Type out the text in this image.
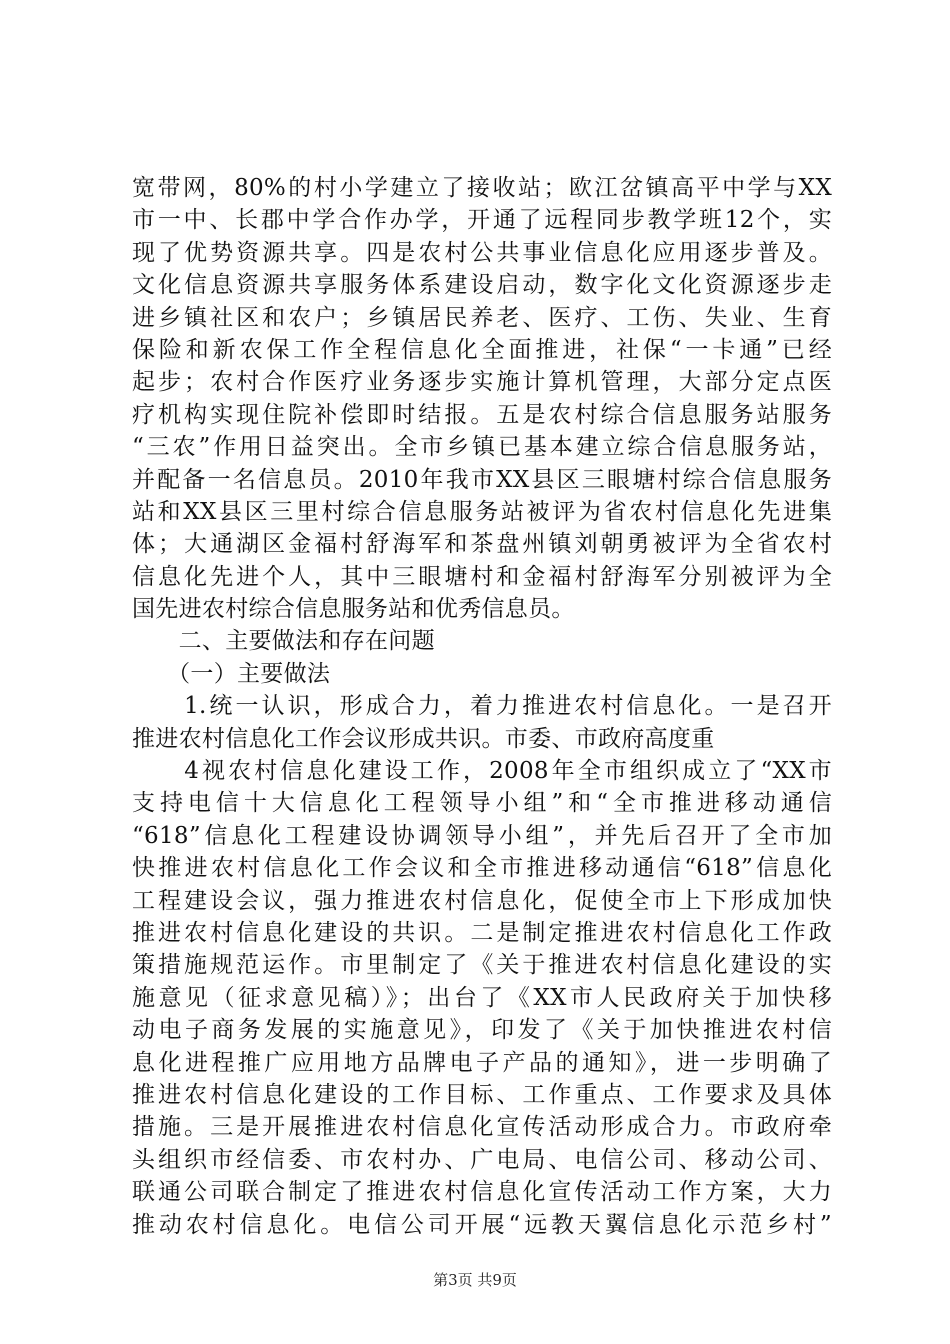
宽带网，80%的村小学建立了接收站；欧江岔镇高平中学与XX
市一中、长郡中学合作办学，开通了远程同步教学班12个，实
现了优势资源共享。四是农村公共事业信息化应用逐步普及。
文化信息资源共享服务体系建设启动，数字化文化资源逐步走
进乡镇社区和农户；乡镇居民养老、医疗、工伤、失业、生育
保险和新农保工作全程信息化全面推进，社保“一卡通”已经
起步；农村合作医疗业务逐步实施计算机管理，大部分定点医
疗机构实现住院补偿即时结报。五是农村综合信息服务站服务
“三农”作用日益突出。全市乡镇已基本建立综合信息服务站，
并配备一名信息员。2010年我市XX县区三眼塘村综合信息服务
站和XX县区三里村综合信息服务站被评为省农村信息化先进集
体；大通湖区金福村舒海军和茶盘州镇刘朝勇被评为全省农村
信息化先进个人，其中三眼塘村和金福村舒海军分别被评为全
国先进农村综合信息服务站和优秀信息员。
　　二、主要做法和存在问题
　　（一）主要做法
　　1.统一认识，形成合力，着力推进农村信息化。一是召开
推进农村信息化工作会议形成共识。市委、市政府高度重
　　4视农村信息化建设工作，2008年全市组织成立了“XX市
支持电信十大信息化工程领导小组”和“全市推进移动通信
“618”信息化工程建设协调领导小组”，并先后召开了全市加
快推进农村信息化工作会议和全市推进移动通信“618”信息化
工程建设会议，强力推进农村信息化，促使全市上下形成加快
推进农村信息化建设的共识。二是制定推进农村信息化工作政
策措施规范运作。市里制定了《关于推进农村信息化建设的实
施意见（征求意见稿）》；出台了《XX市人民政府关于加快移
动电子商务发展的实施意见》，印发了《关于加快推进农村信
息化进程推广应用地方品牌电子产品的通知》，进一步明确了
推进农村信息化建设的工作目标、工作重点、工作要求及具体
措施。三是开展推进农村信息化宣传活动形成合力。市政府牵
头组织市经信委、市农村办、广电局、电信公司、移动公司、
联通公司联合制定了推进农村信息化宣传活动工作方案，大力
推动农村信息化。电信公司开展“远教天翼信息化示范乡村”
第3页 共9页
